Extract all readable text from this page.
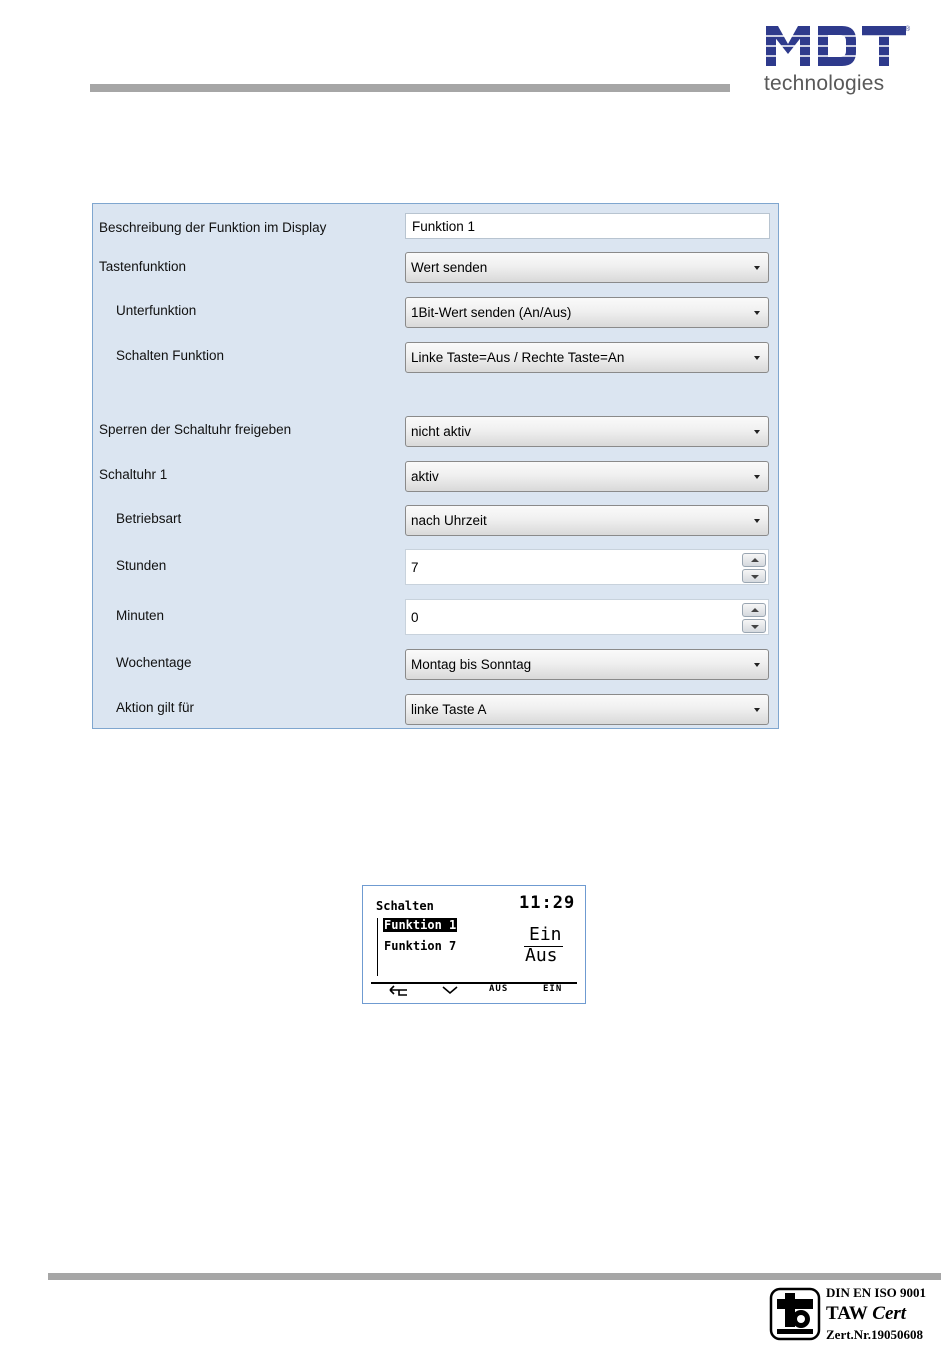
®
MDT
technologies
Beschreibung der Funktion im Display	Funktion 1
Tastenfunktion	Wert senden
Unterfunktion	1Bit-Wert senden (An/Aus)
Schalten Funktion	Linke Taste=Aus / Rechte Taste=An
Sperren der Schaltuhr freigeben	nicht aktiv
Schaltuhr 1	aktiv
Betriebsart	nach Uhrzeit
Stunden	7
Minuten	0
Wochentage	Montag bis Sonntag
Aktion gilt für	linke Taste A
Schalten	11:29
Funktion 1
Funktion 7
Ein
Aus
AUS	EIN
DIN EN ISO 9001
TAW Cert
Zert.Nr.19050608
